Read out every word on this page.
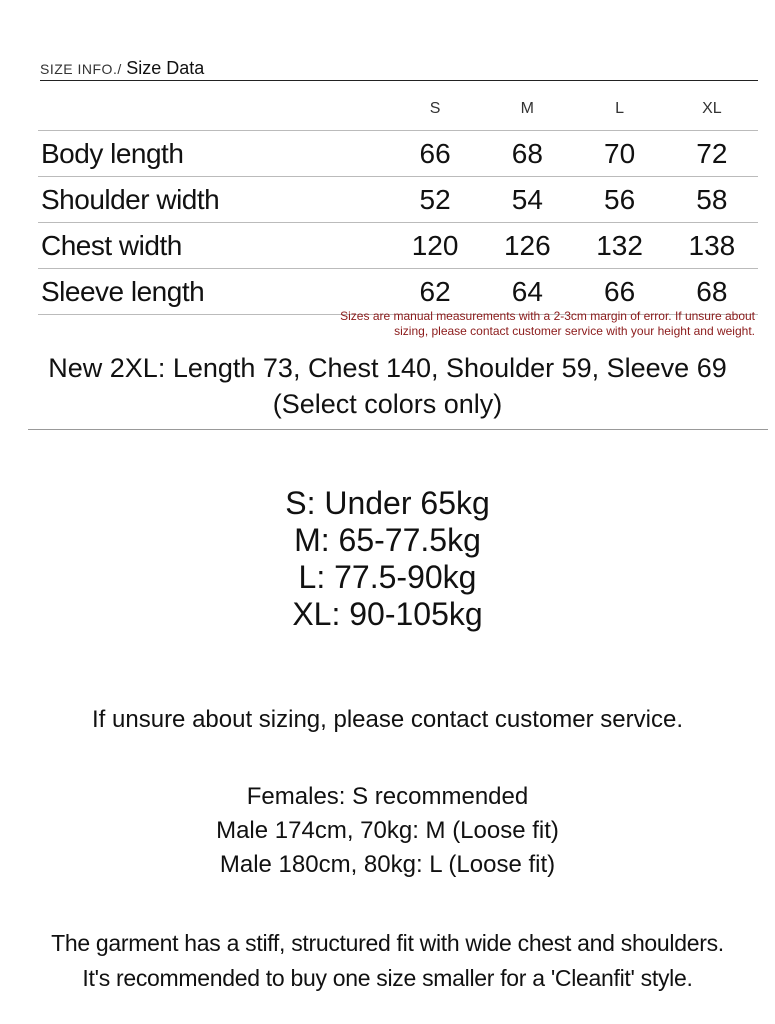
SIZE INFO./ Size Data
	S	M	L	XL
Body length	66	68	70	72
Shoulder width	52	54	56	58
Chest width	120	126	132	138
Sleeve length	62	64	66	68
Sizes are manual measurements with a 2-3cm margin of error. If unsure about
sizing, please contact customer service with your height and weight.
New 2XL: Length 73, Chest 140, Shoulder 59, Sleeve 69
(Select colors only)
S: Under 65kg
M: 65-77.5kg
L: 77.5-90kg
XL: 90-105kg
If unsure about sizing, please contact customer service.
Females: S recommended
Male 174cm, 70kg: M (Loose fit)
Male 180cm, 80kg: L (Loose fit)
The garment has a stiff, structured fit with wide chest and shoulders.
It's recommended to buy one size smaller for a 'Cleanfit' style.
